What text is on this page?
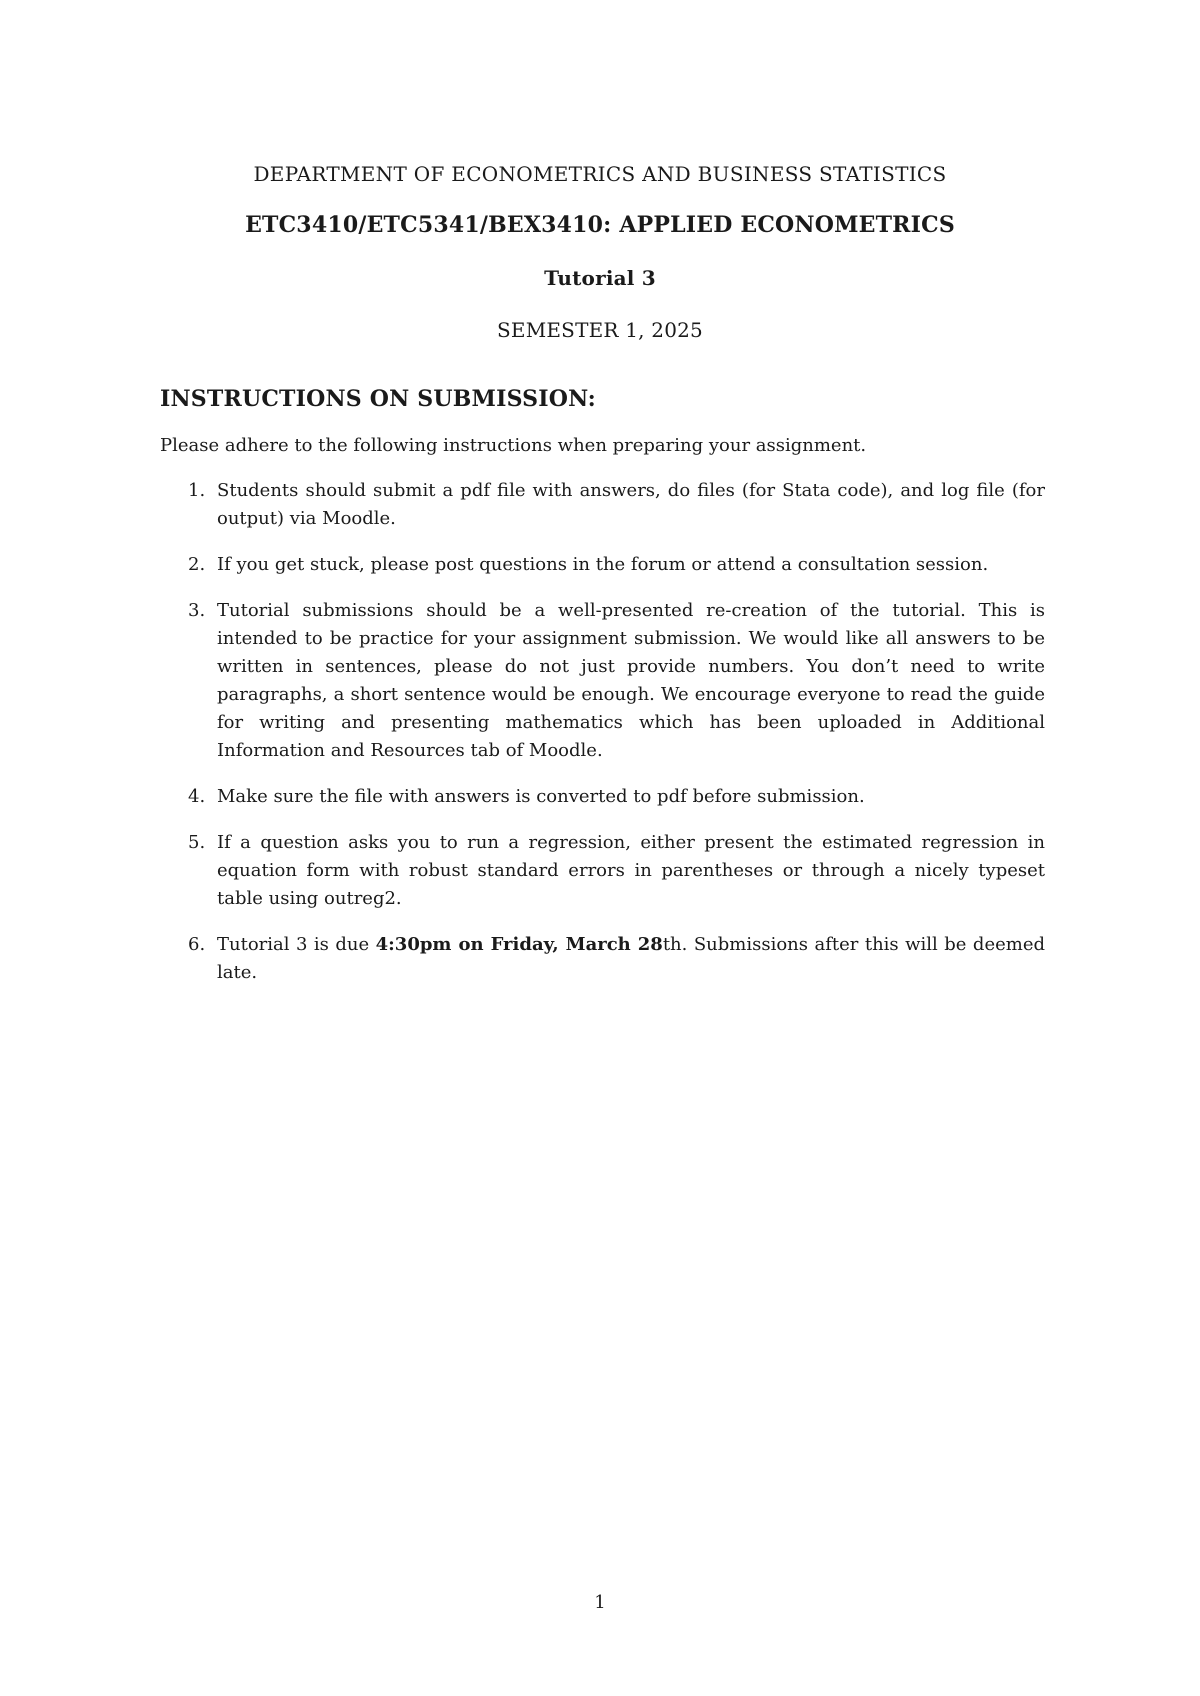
DEPARTMENT OF ECONOMETRICS AND BUSINESS STATISTICS
ETC3410/ETC5341/BEX3410: APPLIED ECONOMETRICS
Tutorial 3
SEMESTER 1, 2025
INSTRUCTIONS ON SUBMISSION:
Please adhere to the following instructions when preparing your assignment.
1. Students should submit a pdf file with answers, do files (for Stata code), and log file (for output) via Moodle.
2. If you get stuck, please post questions in the forum or attend a consultation session.
3. Tutorial submissions should be a well-presented re-creation of the tutorial. This is intended to be practice for your assignment submission. We would like all answers to be written in sentences, please do not just provide numbers. You don’t need to write paragraphs, a short sentence would be enough. We encourage everyone to read the guide for writing and presenting mathematics which has been uploaded in Additional Information and Resources tab of Moodle.
4. Make sure the file with answers is converted to pdf before submission.
5. If a question asks you to run a regression, either present the estimated regression in equation form with robust standard errors in parentheses or through a nicely typeset table using outreg2.
6. Tutorial 3 is due 4:30pm on Friday, March 28th. Submissions after this will be deemed late.
1
